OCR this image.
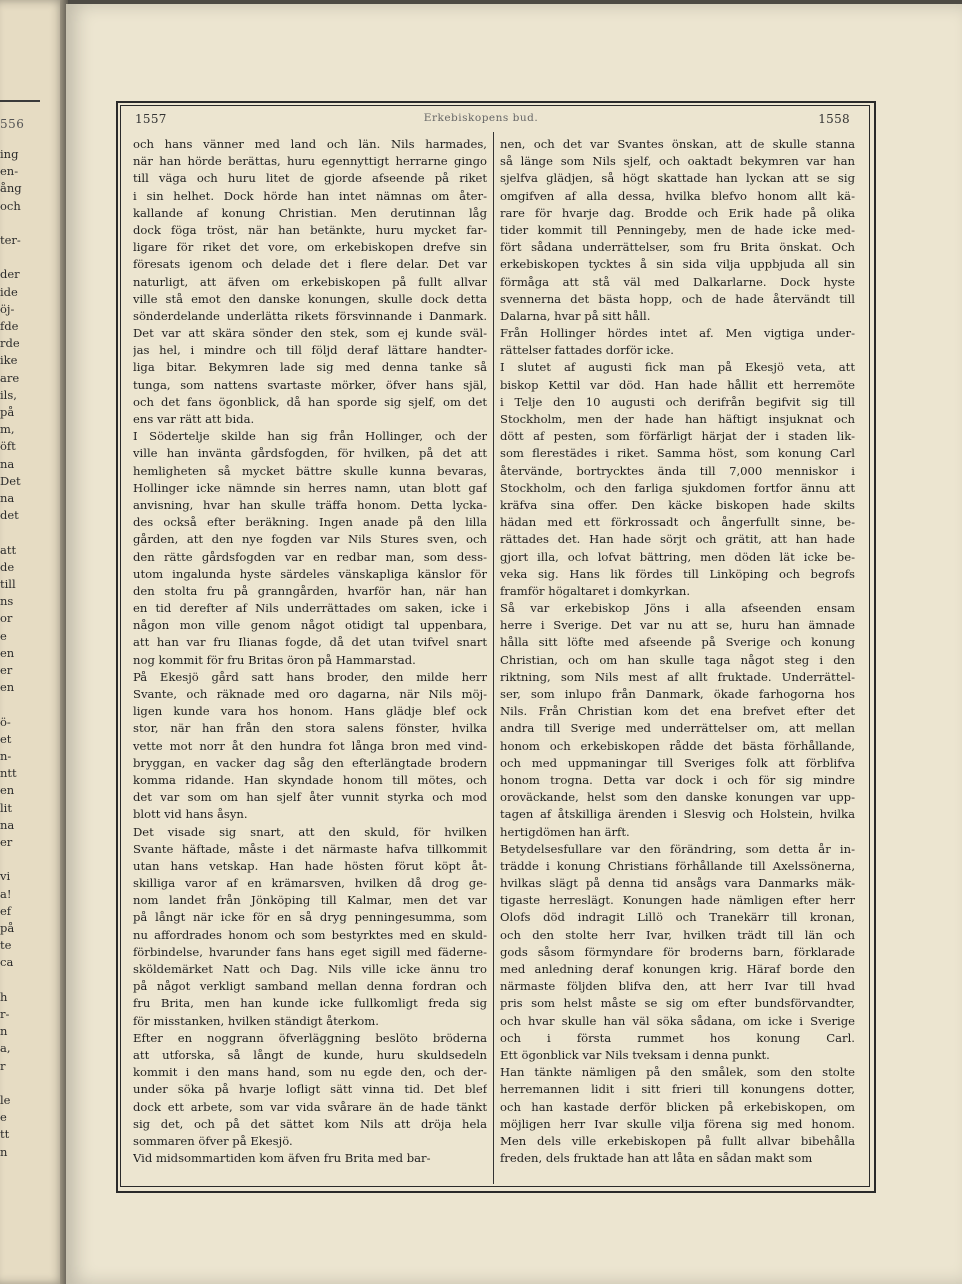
556
ing
en-
ång
och
ter-
der
ide
öj-
fde
rde
ike
are
ils,
på
m,
öft
na
Det
na
det
att
de
till
ns
or
e
en
er
en
ö-
et
n-
ntt
en
lit
na
er
vi
a!
ef
på
te
ca
h
r-
n
a,
r
le
e
tt
n
1557	Erkebiskopens bud.	1558
och hans vänner med land och län. Nils harmades,
när han hörde berättas, huru egennyttigt herrarne gingo
till väga och huru litet de gjorde afseende på riket
i sin helhet. Dock hörde han intet nämnas om åter-
kallande af konung Christian. Men derutinnan låg
dock föga tröst, när han betänkte, huru mycket far-
ligare för riket det vore, om erkebiskopen drefve sin
föresats igenom och delade det i flere delar. Det var
naturligt, att äfven om erkebiskopen på fullt allvar
ville stå emot den danske konungen, skulle dock detta
sönderdelande underlätta rikets försvinnande i Danmark.
Det var att skära sönder den stek, som ej kunde sväl-
jas hel, i mindre och till följd deraf lättare handter-
liga bitar. Bekymren lade sig med denna tanke så
tunga, som nattens svartaste mörker, öfver hans själ,
och det fans ögonblick, då han sporde sig sjelf, om det
ens var rätt att bida.
I Södertelje skilde han sig från Hollinger, och der
ville han invänta gårdsfogden, för hvilken, på det att
hemligheten så mycket bättre skulle kunna bevaras,
Hollinger icke nämnde sin herres namn, utan blott gaf
anvisning, hvar han skulle träffa honom. Detta lycka-
des också efter beräkning. Ingen anade på den lilla
gården, att den nye fogden var Nils Stures sven, och
den rätte gårdsfogden var en redbar man, som dess-
utom ingalunda hyste särdeles vänskapliga känslor för
den stolta fru på granngården, hvarför han, när han
en tid derefter af Nils underrättades om saken, icke i
någon mon ville genom något otidigt tal uppenbara,
att han var fru Ilianas fogde, då det utan tvifvel snart
nog kommit för fru Britas öron på Hammarstad.
På Ekesjö gård satt hans broder, den milde herr
Svante, och räknade med oro dagarna, när Nils möj-
ligen kunde vara hos honom. Hans glädje blef ock
stor, när han från den stora salens fönster, hvilka
vette mot norr åt den hundra fot långa bron med vind-
bryggan, en vacker dag såg den efterlängtade brodern
komma ridande. Han skyndade honom till mötes, och
det var som om han sjelf åter vunnit styrka och mod
blott vid hans åsyn.
Det visade sig snart, att den skuld, för hvilken
Svante häftade, måste i det närmaste hafva tillkommit
utan hans vetskap. Han hade hösten förut köpt åt-
skilliga varor af en krämarsven, hvilken då drog ge-
nom landet från Jönköping till Kalmar, men det var
på långt när icke för en så dryg penningesumma, som
nu affordrades honom och som bestyrktes med en skuld-
förbindelse, hvarunder fans hans eget sigill med fäderne-
sköldemärket Natt och Dag. Nils ville icke ännu tro
på något verkligt samband mellan denna fordran och
fru Brita, men han kunde icke fullkomligt freda sig
för misstanken, hvilken ständigt återkom.
Efter en noggrann öfverläggning beslöto bröderna
att utforska, så långt de kunde, huru skuldsedeln
kommit i den mans hand, som nu egde den, och der-
under söka på hvarje lofligt sätt vinna tid. Det blef
dock ett arbete, som var vida svårare än de hade tänkt
sig det, och på det sättet kom Nils att dröja hela
sommaren öfver på Ekesjö.
Vid midsommartiden kom äfven fru Brita med bar-
nen, och det var Svantes önskan, att de skulle stanna
så länge som Nils sjelf, och oaktadt bekymren var han
sjelfva glädjen, så högt skattade han lyckan att se sig
omgifven af alla dessa, hvilka blefvo honom allt kä-
rare för hvarje dag. Brodde och Erik hade på olika
tider kommit till Penningeby, men de hade icke med-
fört sådana underrättelser, som fru Brita önskat. Och
erkebiskopen tycktes å sin sida vilja uppbjuda all sin
förmåga att stå väl med Dalkarlarne. Dock hyste
svennerna det bästa hopp, och de hade återvändt till
Dalarna, hvar på sitt håll.
Från Hollinger hördes intet af. Men vigtiga under-
rättelser fattades dorför icke.
I slutet af augusti fick man på Ekesjö veta, att
biskop Kettil var död. Han hade hållit ett herremöte
i Telje den 10 augusti och derifrån begifvit sig till
Stockholm, men der hade han häftigt insjuknat och
dött af pesten, som förfärligt härjat der i staden lik-
som flerestädes i riket. Samma höst, som konung Carl
återvände, bortrycktes ända till 7,000 menniskor i
Stockholm, och den farliga sjukdomen fortfor ännu att
kräfva sina offer. Den käcke biskopen hade skilts
hädan med ett förkrossadt och ångerfullt sinne, be-
rättades det. Han hade sörjt och grätit, att han hade
gjort illa, och lofvat bättring, men döden lät icke be-
veka sig. Hans lik fördes till Linköping och begrofs
framför högaltaret i domkyrkan.
Så var erkebiskop Jöns i alla afseenden ensam
herre i Sverige. Det var nu att se, huru han ämnade
hålla sitt löfte med afseende på Sverige och konung
Christian, och om han skulle taga något steg i den
riktning, som Nils mest af allt fruktade. Underrättel-
ser, som inlupo från Danmark, ökade farhogorna hos
Nils. Från Christian kom det ena brefvet efter det
andra till Sverige med underrättelser om, att mellan
honom och erkebiskopen rådde det bästa förhållande,
och med uppmaningar till Sveriges folk att förblifva
honom trogna. Detta var dock i och för sig mindre
oroväckande, helst som den danske konungen var upp-
tagen af åtskilliga ärenden i Slesvig och Holstein, hvilka
hertigdömen han ärft.
Betydelsesfullare var den förändring, som detta år in-
trädde i konung Christians förhållande till Axelssönerna,
hvilkas slägt på denna tid ansågs vara Danmarks mäk-
tigaste herreslägt. Konungen hade nämligen efter herr
Olofs död indragit Lillö och Tranekärr till kronan,
och den stolte herr Ivar, hvilken trädt till län och
gods såsom förmyndare för broderns barn, förklarade
med anledning deraf konungen krig. Häraf borde den
närmaste följden blifva den, att herr Ivar till hvad
pris som helst måste se sig om efter bundsförvandter,
och hvar skulle han väl söka sådana, om icke i Sverige
och i första rummet hos konung Carl.
Ett ögonblick var Nils tveksam i denna punkt.
Han tänkte nämligen på den smålek, som den stolte
herremannen lidit i sitt frieri till konungens dotter,
och han kastade derför blicken på erkebiskopen, om
möjligen herr Ivar skulle vilja förena sig med honom.
Men dels ville erkebiskopen på fullt allvar bibehålla
freden, dels fruktade han att låta en sådan makt som
